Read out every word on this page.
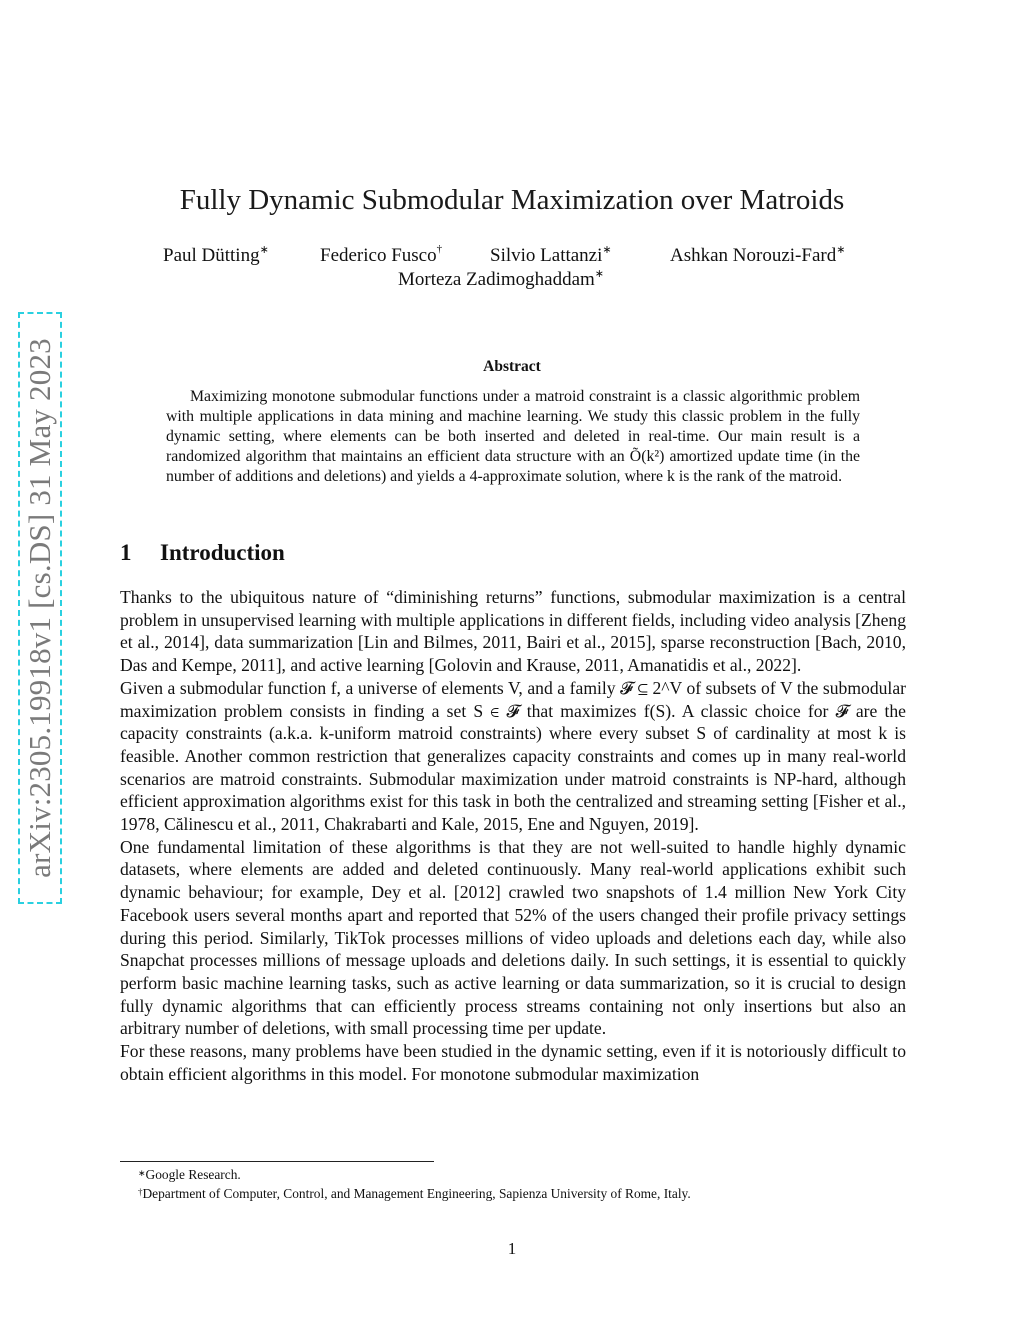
arXiv:2305.19918v1 [cs.DS] 31 May 2023
Fully Dynamic Submodular Maximization over Matroids
Paul Dütting∗	Federico Fusco†	Silvio Lattanzi∗	Ashkan Norouzi-Fard∗
Morteza Zadimoghaddam∗
Abstract
Maximizing monotone submodular functions under a matroid constraint is a classic algorithmic problem with multiple applications in data mining and machine learning. We study this classic problem in the fully dynamic setting, where elements can be both inserted and deleted in real-time. Our main result is a randomized algorithm that maintains an efficient data structure with an Õ(k²) amortized update time (in the number of additions and deletions) and yields a 4-approximate solution, where k is the rank of the matroid.
1 Introduction

Thanks to the ubiquitous nature of “diminishing returns” functions, submodular maximization is a central problem in unsupervised learning with multiple applications in different fields, including video analysis [Zheng et al., 2014], data summarization [Lin and Bilmes, 2011, Bairi et al., 2015], sparse reconstruction [Bach, 2010, Das and Kempe, 2011], and active learning [Golovin and Krause, 2011, Amanatidis et al., 2022].

Given a submodular function f, a universe of elements V, and a family 𝓕 ⊆ 2^V of subsets of V the submodular maximization problem consists in finding a set S ∈ 𝓕 that maximizes f(S). A classic choice for 𝓕 are the capacity constraints (a.k.a. k-uniform matroid constraints) where every subset S of cardinality at most k is feasible. Another common restriction that generalizes capacity constraints and comes up in many real-world scenarios are matroid constraints. Submodular maximization under matroid constraints is NP-hard, although efficient approximation algorithms exist for this task in both the centralized and streaming setting [Fisher et al., 1978, Călinescu et al., 2011, Chakrabarti and Kale, 2015, Ene and Nguyen, 2019].

One fundamental limitation of these algorithms is that they are not well-suited to handle highly dynamic datasets, where elements are added and deleted continuously. Many real-world applications exhibit such dynamic behaviour; for example, Dey et al. [2012] crawled two snapshots of 1.4 million New York City Facebook users several months apart and reported that 52% of the users changed their profile privacy settings during this period. Similarly, TikTok processes millions of video uploads and deletions each day, while also Snapchat processes millions of message uploads and deletions daily. In such settings, it is essential to quickly perform basic machine learning tasks, such as active learning or data summarization, so it is crucial to design fully dynamic algorithms that can efficiently process streams containing not only insertions but also an arbitrary number of deletions, with small processing time per update.

For these reasons, many problems have been studied in the dynamic setting, even if it is notoriously difficult to obtain efficient algorithms in this model. For monotone submodular maximization

∗Google Research.
†Department of Computer, Control, and Management Engineering, Sapienza University of Rome, Italy.
1
